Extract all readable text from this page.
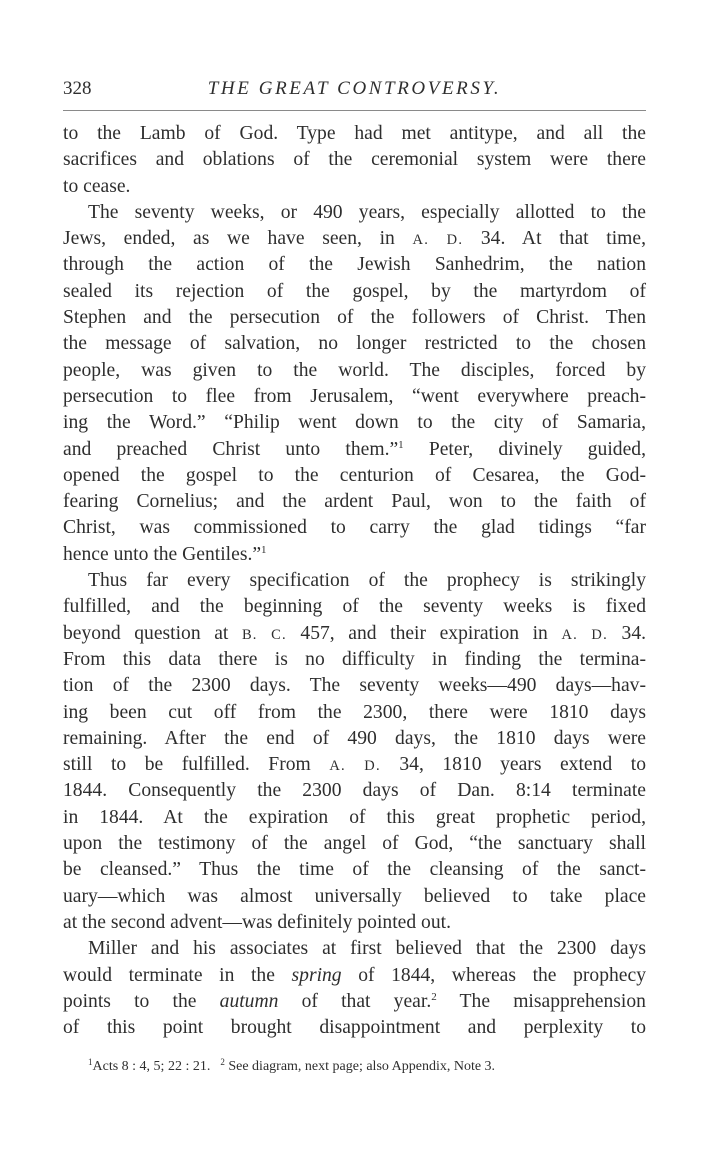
328	THE GREAT CONTROVERSY.

to the Lamb of God. Type had met antitype, and all the
sacrifices and oblations of the ceremonial system were there
to cease.

The seventy weeks, or 490 years, especially allotted to the
Jews, ended, as we have seen, in A. D. 34. At that time,
through the action of the Jewish Sanhedrim, the nation
sealed its rejection of the gospel, by the martyrdom of
Stephen and the persecution of the followers of Christ. Then
the message of salvation, no longer restricted to the chosen
people, was given to the world. The disciples, forced by
persecution to flee from Jerusalem, “went everywhere preach-
ing the Word.” “Philip went down to the city of Samaria,
and preached Christ unto them.”$^1$ Peter, divinely guided,
opened the gospel to the centurion of Cesarea, the God-
fearing Cornelius; and the ardent Paul, won to the faith of
Christ, was commissioned to carry the glad tidings “far
hence unto the Gentiles.”$^1$

Thus far every specification of the prophecy is strikingly
fulfilled, and the beginning of the seventy weeks is fixed
beyond question at B. C. 457, and their expiration in A. D. 34.
From this data there is no difficulty in finding the termina-
tion of the 2300 days. The seventy weeks—490 days—hav-
ing been cut off from the 2300, there were 1810 days
remaining. After the end of 490 days, the 1810 days were
still to be fulfilled. From A. D. 34, 1810 years extend to
1844. Consequently the 2300 days of Dan. 8:14 terminate
in 1844. At the expiration of this great prophetic period,
upon the testimony of the angel of God, “the sanctuary shall
be cleansed.” Thus the time of the cleansing of the sanct-
uary—which was almost universally believed to take place
at the second advent—was definitely pointed out.

Miller and his associates at first believed that the 2300 days
would terminate in the spring of 1844, whereas the prophecy
points to the autumn of that year.$^2$ The misapprehension
of this point brought disappointment and perplexity to

$^1$Acts 8 : 4, 5; 22 : 21. $^2$ See diagram, next page; also Appendix, Note 3.
